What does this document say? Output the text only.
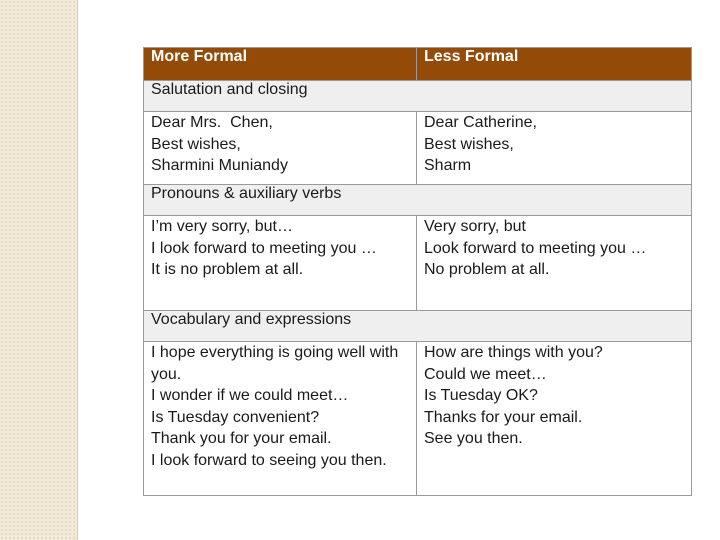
More Formal	Less Formal
Salutation and closing	

Dear Mrs.  Chen,
Best wishes,
Sharmini Muniandy	Dear Catherine,
Best wishes,
Sharm

Pronouns & auxiliary verbs	

I’m very sorry, but…
I look forward to meeting you …
It is no problem at all.	Very sorry, but
Look forward to meeting you …
No problem at all.

Vocabulary and expressions	

I hope everything is going well with you.
I wonder if we could meet…
Is Tuesday convenient?
Thank you for your email.
I look forward to seeing you then.	How are things with you?
Could we meet…
Is Tuesday OK?
Thanks for your email.
See you then.
